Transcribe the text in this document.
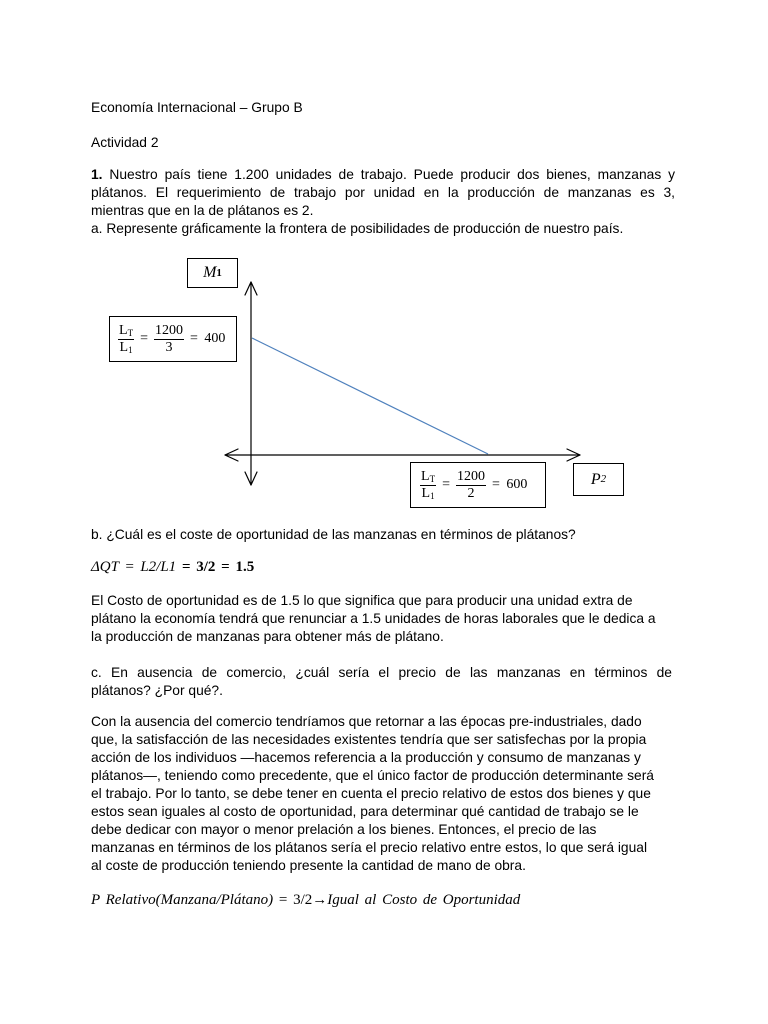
Economía Internacional – Grupo B
Actividad 2
1. Nuestro país tiene 1.200 unidades de trabajo. Puede producir dos bienes, manzanas y
plátanos. El requerimiento de trabajo por unidad en la producción de manzanas es 3,
mientras que en la de plátanos es 2.
a. Represente gráficamente la frontera de posibilidades de producción de nuestro país.
M 1
$\frac{L_T}{L_1} = \frac{1200}{3} = 400$
$\frac{L_T}{L_1} = \frac{1200}{2} = 600$	P 2
b. ¿Cuál es el coste de oportunidad de las manzanas en términos de plátanos?
ΔQT = L2/L1 = 3/2 = 1.5
El Costo de oportunidad es de 1.5 lo que significa que para producir una unidad extra de
plátano la economía tendrá que renunciar a 1.5 unidades de horas laborales que le dedica a
la producción de manzanas para obtener más de plátano.
c. En ausencia de comercio, ¿cuál sería el precio de las manzanas en términos de
plátanos? ¿Por qué?.
Con la ausencia del comercio tendríamos que retornar a las épocas pre-industriales, dado
que, la satisfacción de las necesidades existentes tendría que ser satisfechas por la propia
acción de los individuos —hacemos referencia a la producción y consumo de manzanas y
plátanos—, teniendo como precedente, que el único factor de producción determinante será
el trabajo. Por lo tanto, se debe tener en cuenta el precio relativo de estos dos bienes y que
estos sean iguales al costo de oportunidad, para determinar qué cantidad de trabajo se le
debe dedicar con mayor o menor prelación a los bienes. Entonces, el precio de las
manzanas en términos de los plátanos sería el precio relativo entre estos, lo que será igual
al coste de producción teniendo presente la cantidad de mano de obra.
P Relativo(Manzana/Plátano) = 3/2→Igual al Costo de Oportunidad
